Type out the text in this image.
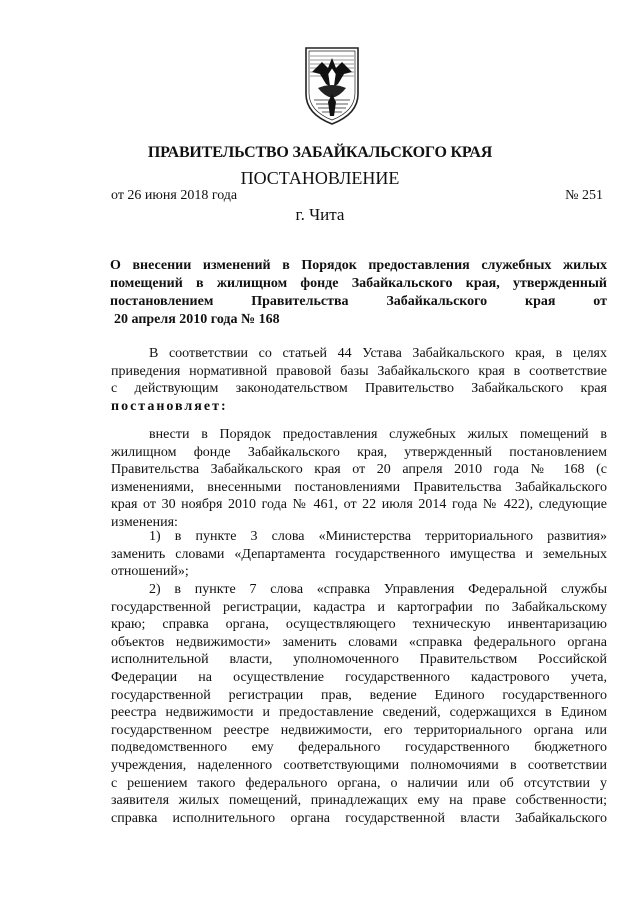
ПРАВИТЕЛЬСТВО ЗАБАЙКАЛЬСКОГО КРАЯ
ПОСТАНОВЛЕНИЕ
от 26 июня 2018 года	№ 251
г. Чита
О внесении изменений в Порядок предоставления служебных жилых
помещений в жилищном фонде Забайкальского края, утвержденный
постановлением Правительства Забайкальского края от
20 апреля 2010 года № 168
В соответствии со статьей 44 Устава Забайкальского края, в целях
приведения нормативной правовой базы Забайкальского края в соответствие
с действующим законодательством Правительство Забайкальского края
постановляет:
внести в Порядок предоставления служебных жилых помещений в
жилищном фонде Забайкальского края, утвержденный постановлением
Правительства Забайкальского края от 20 апреля 2010 года № 168 (с
изменениями, внесенными постановлениями Правительства Забайкальского
края от 30 ноября 2010 года № 461, от 22 июля 2014 года № 422), следующие
изменения:
1) в пункте 3 слова «Министерства территориального развития»
заменить словами «Департамента государственного имущества и земельных
отношений»;
2) в пункте 7 слова «справка Управления Федеральной службы
государственной регистрации, кадастра и картографии по Забайкальскому
краю; справка органа, осуществляющего техническую инвентаризацию
объектов недвижимости» заменить словами «справка федерального органа
исполнительной власти, уполномоченного Правительством Российской
Федерации на осуществление государственного кадастрового учета,
государственной регистрации прав, ведение Единого государственного
реестра недвижимости и предоставление сведений, содержащихся в Едином
государственном реестре недвижимости, его территориального органа или
подведомственного ему федерального государственного бюджетного
учреждения, наделенного соответствующими полномочиями в соответствии
с решением такого федерального органа, о наличии или об отсутствии у
заявителя жилых помещений, принадлежащих ему на праве собственности;
справка исполнительного органа государственной власти Забайкальского
